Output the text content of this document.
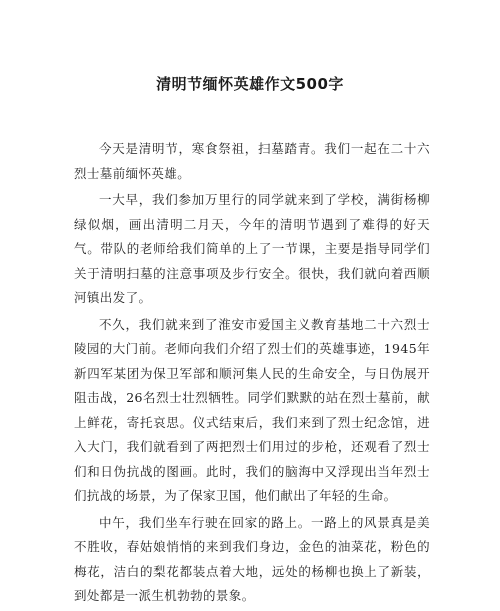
清明节缅怀英雄作文500字

今天是清明节，寒食祭祖，扫墓踏青。我们一起在二十六烈士墓前缅怀英雄。

一大早，我们参加万里行的同学就来到了学校，满街杨柳绿似烟，画出清明二月天，今年的清明节遇到了难得的好天气。带队的老师给我们简单的上了一节课，主要是指导同学们关于清明扫墓的注意事项及步行安全。很快，我们就向着西顺河镇出发了。

不久，我们就来到了淮安市爱国主义教育基地二十六烈士陵园的大门前。老师向我们介绍了烈士们的英雄事迹，1945年新四军某团为保卫军部和顺河集人民的生命安全，与日伪展开阻击战，26名烈士壮烈牺牲。同学们默默的站在烈士墓前，献上鲜花，寄托哀思。仪式结束后，我们来到了烈士纪念馆，进入大门，我们就看到了两把烈士们用过的步枪，还观看了烈士们和日伪抗战的图画。此时，我们的脑海中又浮现出当年烈士们抗战的场景，为了保家卫国，他们献出了年轻的生命。

中午，我们坐车行驶在回家的路上。一路上的风景真是美不胜收，春姑娘悄悄的来到我们身边，金色的油菜花，粉色的梅花，洁白的梨花都装点着大地，远处的杨柳也换上了新装，到处都是一派生机勃勃的景象。
